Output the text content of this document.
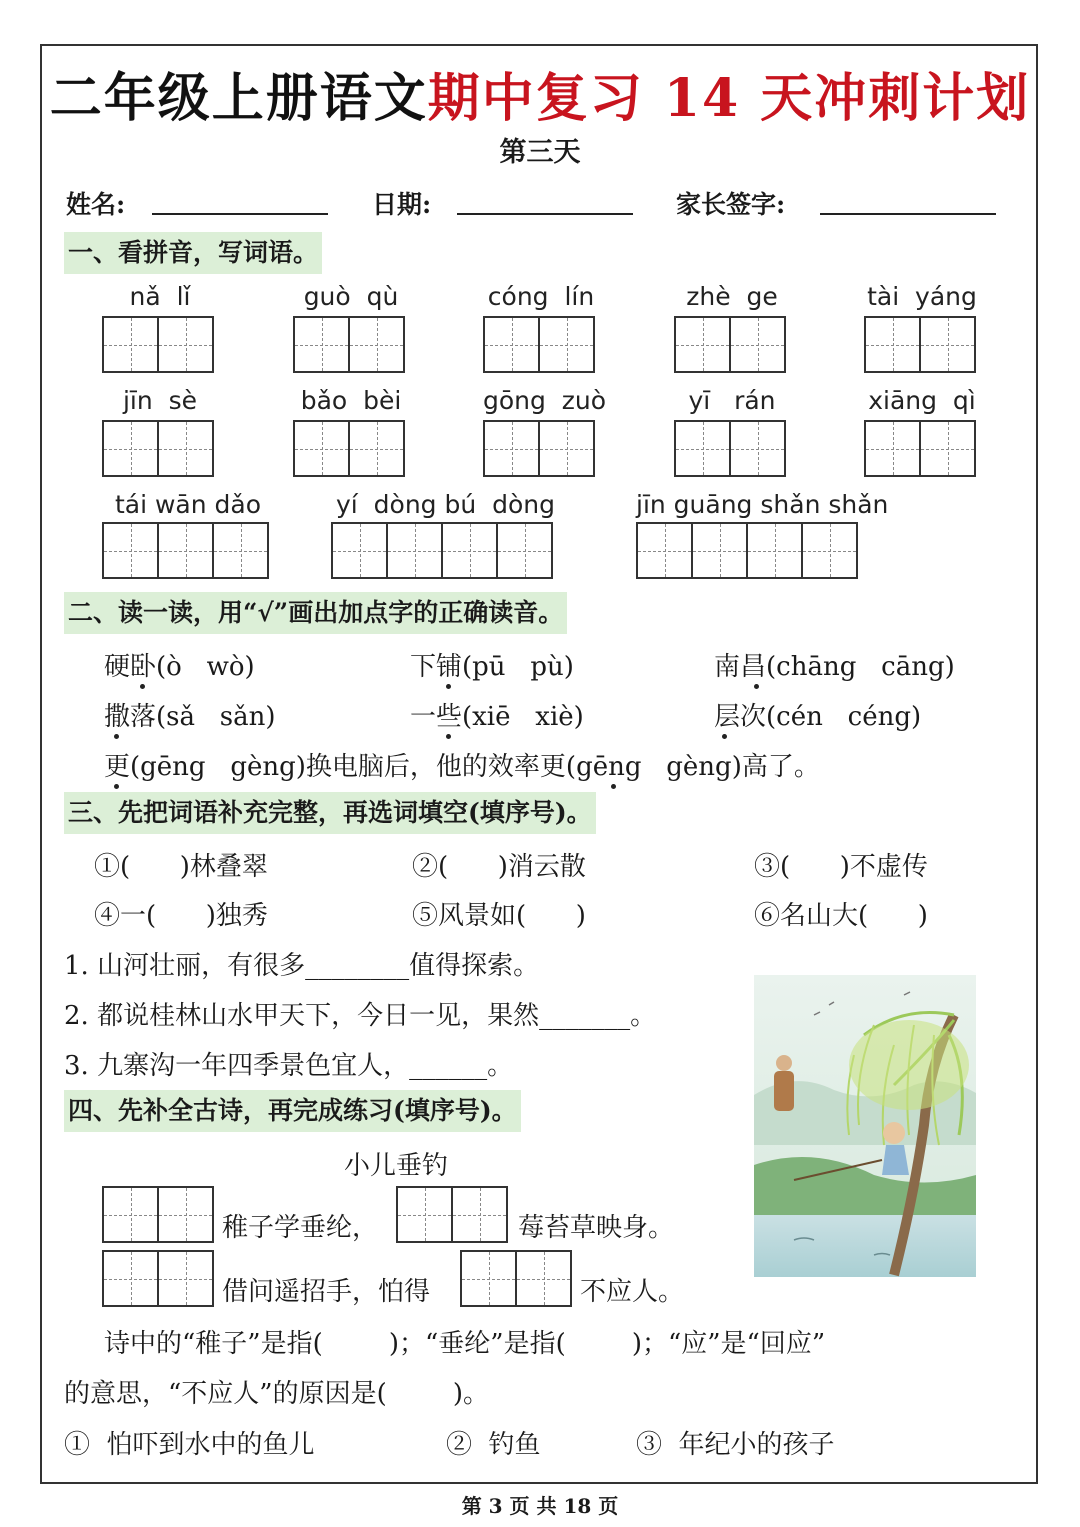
二年级上册语文期中复习 14 天冲刺计划
第三天
姓名:	日期:	家长签字:
一、看拼音，写词语。
nǎ  lǐ	guò  qù	cóng  lín	zhè  ge	tài  yáng
jīn  sè	bǎo  bèi	gōng  zuò	yī   rán	xiāng  qì
tái wān dǎo	yí  dòng bú  dòng	jīn guāng shǎn shǎn
二、读一读，用“√”画出加点字的正确读音。
硬卧(ò   wò)	下铺(pū   pù)	南昌(chāng   cāng)
撒落(sǎ   sǎn)	一些(xiē   xiè)	层次(cén   céng)
更(gēng   gèng)换电脑后，他的效率更(gēng   gèng)高了。
三、先把词语补充完整，再选词填空(填序号)。
①(      )林叠翠	②(      )消云散	③(      )不虚传
④一(      )独秀	⑤风景如(      )	⑥名山大(      )
1. 山河壮丽，有很多________值得探索。
2. 都说桂林山水甲天下，今日一见，果然_______。
3. 九寨沟一年四季景色宜人，______。
四、先补全古诗，再完成练习(填序号)。
小儿垂钓
稚子学垂纶，	莓苔草映身。
借问遥招手，怕得	不应人。
诗中的“稚子”是指(        )；“垂纶”是指(        )；“应”是“回应”
的意思，“不应人”的原因是(        )。
①  怕吓到水中的鱼儿	②  钓鱼	③  年纪小的孩子
第 3 页 共 18 页
